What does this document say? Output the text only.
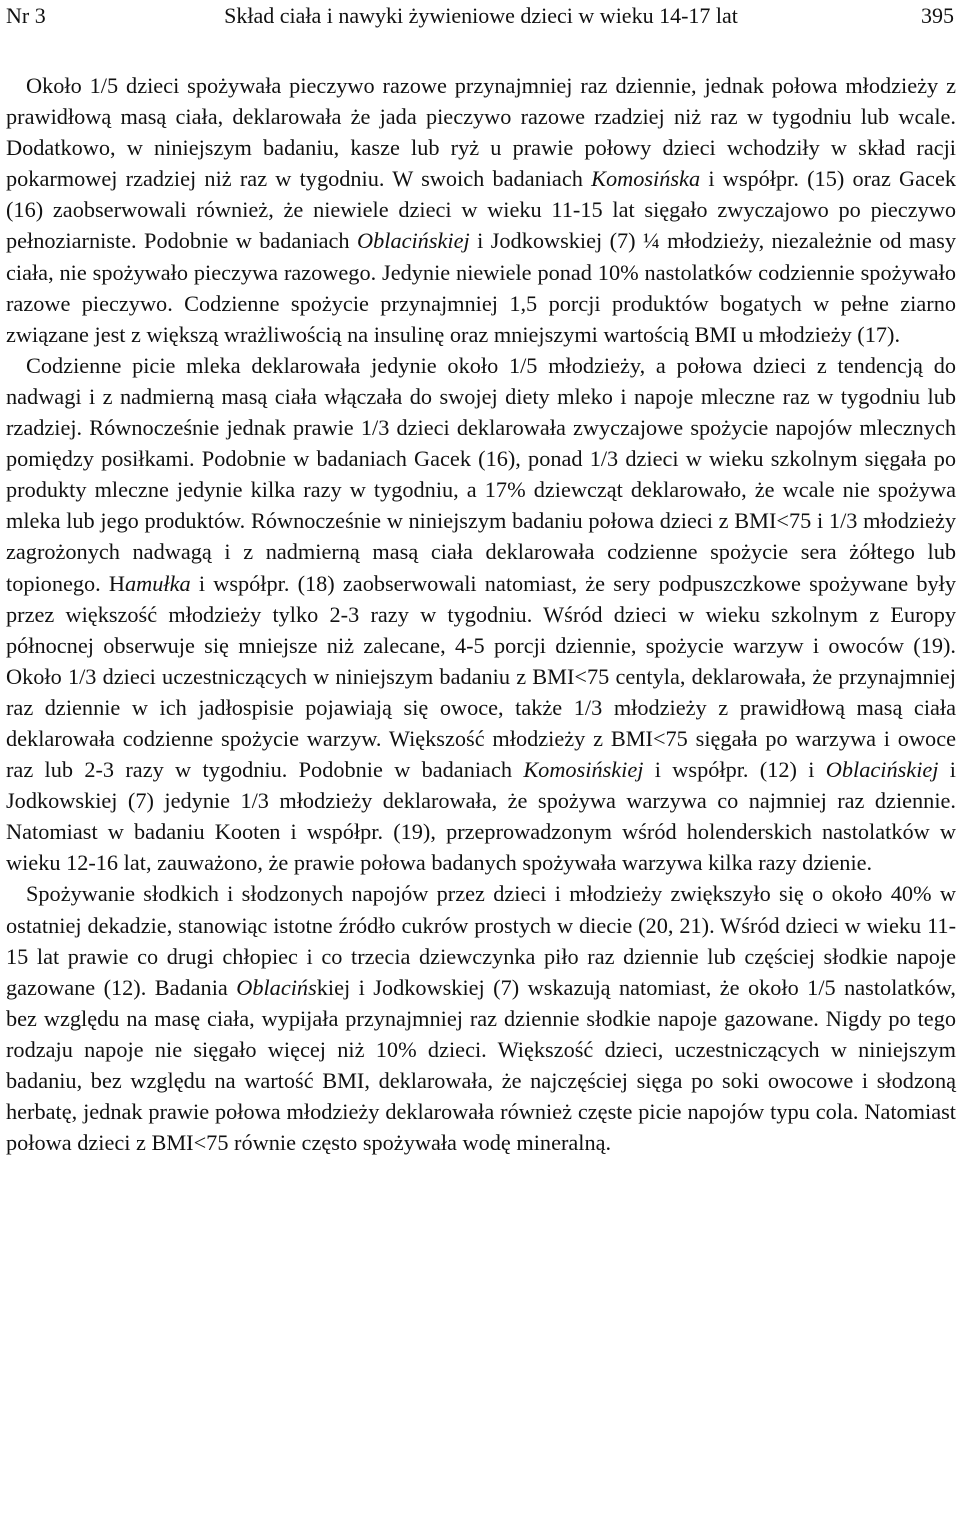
Nr 3	Skład ciała i nawyki żywieniowe dzieci w wieku 14-17 lat	395

Około 1/5 dzieci spożywała pieczywo razowe przynajmniej raz dziennie, jednak połowa młodzieży z prawidłową masą ciała, deklarowała że jada pieczywo razowe rzadziej niż raz w tygodniu lub wcale. Dodatkowo, w niniejszym badaniu, kasze lub ryż u prawie połowy dzieci wchodziły w skład racji pokarmowej rzadziej niż raz w tygodniu. W swoich badaniach Komosińska i współpr. (15) oraz Gacek (16) zaobserwowali również, że niewiele dzieci w wieku 11-15 lat sięgało zwyczajowo po pieczywo pełnoziarniste. Podobnie w badaniach Oblacińskiej i Jodkowskiej (7) ¼ młodzieży, niezależnie od masy ciała, nie spożywało pieczywa razowego. Jedynie niewiele ponad 10% nastolatków codziennie spożywało razowe pieczywo. Codzienne spożycie przynajmniej 1,5 porcji produktów bogatych w pełne ziarno związane jest z większą wrażliwością na insulinę oraz mniejszymi wartością BMI u młodzieży (17).

Codzienne picie mleka deklarowała jedynie około 1/5 młodzieży, a połowa dzieci z tendencją do nadwagi i z nadmierną masą ciała włączała do swojej diety mleko i napoje mleczne raz w tygodniu lub rzadziej. Równocześnie jednak prawie 1/3 dzieci deklarowała zwyczajowe spożycie napojów mlecznych pomiędzy posiłkami. Podobnie w badaniach Gacek (16), ponad 1/3 dzieci w wieku szkolnym sięgała po produkty mleczne jedynie kilka razy w tygodniu, a 17% dziewcząt deklarowało, że wcale nie spożywa mleka lub jego produktów. Równocześnie w niniejszym badaniu połowa dzieci z BMI<75 i 1/3 młodzieży zagrożonych nadwagą i z nadmierną masą ciała deklarowała codzienne spożycie sera żółtego lub topionego. Hamułka i współpr. (18) zaobserwowali natomiast, że sery podpuszczkowe spożywane były przez większość młodzieży tylko 2-3 razy w tygodniu. Wśród dzieci w wieku szkolnym z Europy północnej obserwuje się mniejsze niż zalecane, 4-5 porcji dziennie, spożycie warzyw i owoców (19). Około 1/3 dzieci uczestniczących w niniejszym badaniu z BMI<75 centyla, deklarowała, że przynajmniej raz dziennie w ich jadłospisie pojawiają się owoce, także 1/3 młodzieży z prawidłową masą ciała deklarowała codzienne spożycie warzyw. Większość młodzieży z BMI<75 sięgała po warzywa i owoce raz lub 2-3 razy w tygodniu. Podobnie w badaniach Komosińskiej i współpr. (12) i Oblacińskiej i Jodkowskiej (7) jedynie 1/3 młodzieży deklarowała, że spożywa warzywa co najmniej raz dziennie. Natomiast w badaniu Kooten i współpr. (19), przeprowadzonym wśród holenderskich nastolatków w wieku 12-16 lat, zauważono, że prawie połowa badanych spożywała warzywa kilka razy dzienie.

Spożywanie słodkich i słodzonych napojów przez dzieci i młodzieży zwiększyło się o około 40% w ostatniej dekadzie, stanowiąc istotne źródło cukrów prostych w diecie (20, 21). Wśród dzieci w wieku 11-15 lat prawie co drugi chłopiec i co trzecia dziewczynka piło raz dziennie lub częściej słodkie napoje gazowane (12). Badania Oblacińskiej i Jodkowskiej (7) wskazują natomiast, że około 1/5 nastolatków, bez względu na masę ciała, wypijała przynajmniej raz dziennie słodkie napoje gazowane. Nigdy po tego rodzaju napoje nie sięgało więcej niż 10% dzieci. Większość dzieci, uczestniczących w niniejszym badaniu, bez względu na wartość BMI, deklarowała, że najczęściej sięga po soki owocowe i słodzoną herbatę, jednak prawie połowa młodzieży deklarowała również częste picie napojów typu cola. Natomiast połowa dzieci z BMI<75 równie często spożywała wodę mineralną.
